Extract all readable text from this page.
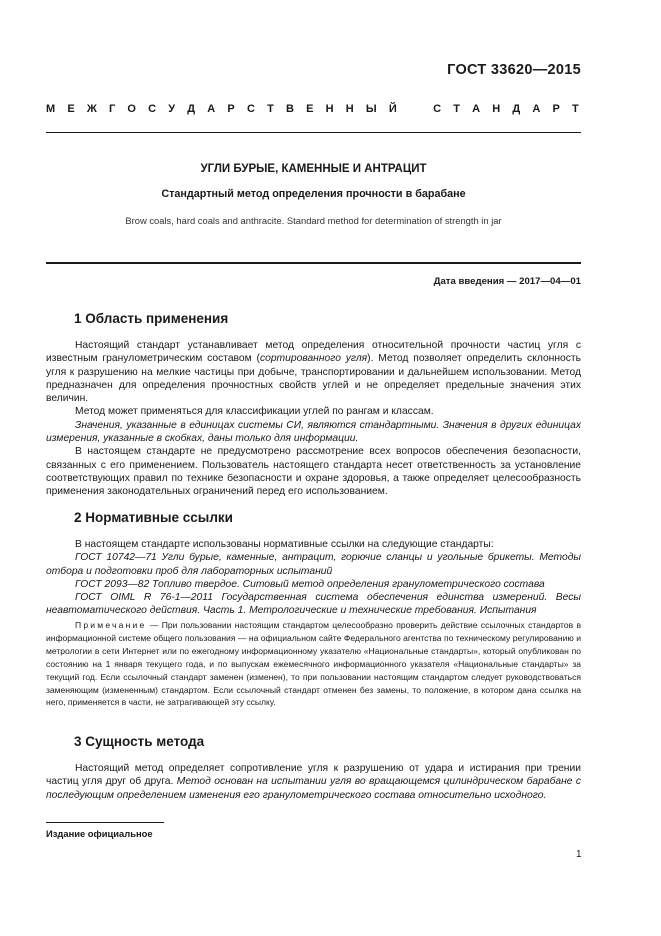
ГОСТ 33620—2015
М Е Ж Г О С У Д А Р С Т В Е Н Н Ы Й	С Т А Н Д А Р Т
УГЛИ БУРЫЕ, КАМЕННЫЕ И АНТРАЦИТ
Стандартный метод определения прочности в барабане
Brow coals, hard coals and anthracite. Standard method for determination of strength in jar
Дата введения — 2017—04—01
1 Область применения

Настоящий стандарт устанавливает метод определения относительной прочности частиц угля с известным гранулометрическим составом (сортированного угля). Метод позволяет определить склонность угля к разрушению на мелкие частицы при добыче, транспортировании и дальнейшем использовании. Метод предназначен для определения прочностных свойств углей и не определяет предельные значения этих величин.

Метод может применяться для классификации углей по рангам и классам.

Значения, указанные в единицах системы СИ, являются стандартными. Значения в других единицах измерения, указанные в скобках, даны только для информации.

В настоящем стандарте не предусмотрено рассмотрение всех вопросов обеспечения безопасности, связанных с его применением. Пользователь настоящего стандарта несет ответственность за установление соответствующих правил по технике безопасности и охране здоровья, а также определяет целесообразность применения законодательных ограничений перед его использованием.

2 Нормативные ссылки

В настоящем стандарте использованы нормативные ссылки на следующие стандарты:

ГОСТ 10742—71 Угли бурые, каменные, антрацит, горючие сланцы и угольные брикеты. Методы отбора и подготовки проб для лабораторных испытаний

ГОСТ 2093—82 Топливо твердое. Ситовый метод определения гранулометрического состава

ГОСТ OIML R 76-1—2011 Государственная система обеспечения единства измерений. Весы неавтоматического действия. Часть 1. Метрологические и технические требования. Испытания

Примечание — При пользовании настоящим стандартом целесообразно проверить действие ссылочных стандартов в информационной системе общего пользования — на официальном сайте Федерального агентства по техническому регулированию и метрологии в сети Интернет или по ежегодному информационному указателю «Национальные стандарты», который опубликован по состоянию на 1 января текущего года, и по выпускам ежемесячного информационного указателя «Национальные стандарты» за текущий год. Если ссылочный стандарт заменен (изменен), то при пользовании настоящим стандартом следует руководствоваться заменяющим (измененным) стандартом. Если ссылочный стандарт отменен без замены, то положение, в котором дана ссылка на него, применяется в части, не затрагивающей эту ссылку.

3 Сущность метода

Настоящий метод определяет сопротивление угля к разрушению от удара и истирания при трении частиц угля друг об друга. Метод основан на испытании угля во вращающемся цилиндрическом барабане с последующим определением изменения его гранулометрического состава относительно исходного.

Издание официальное
1
